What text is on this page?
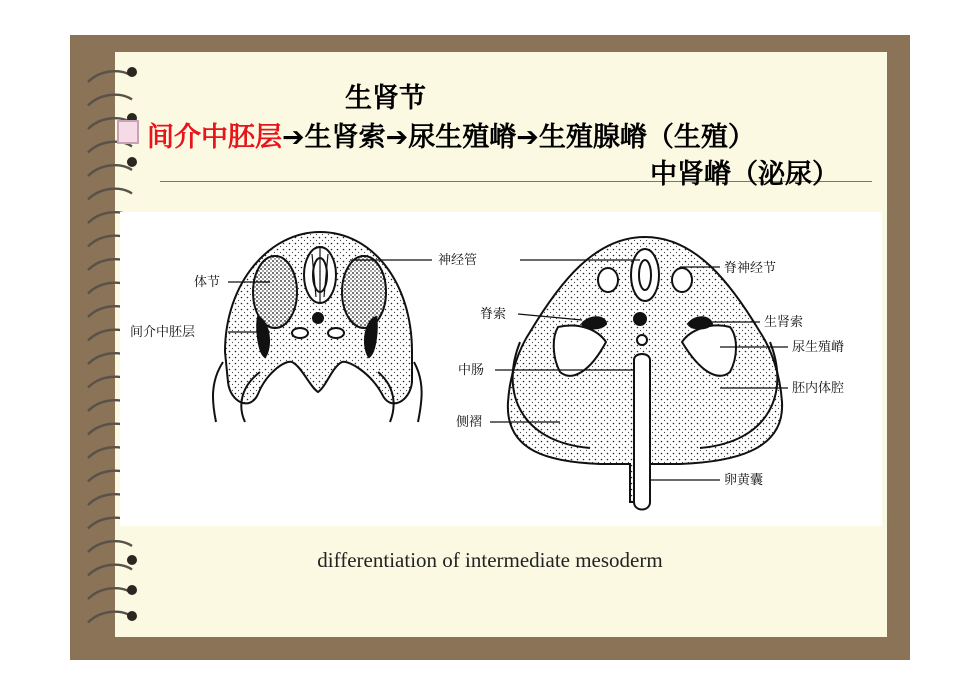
生肾节
间介中胚层➔生肾索➔尿生殖嵴➔生殖腺嵴（生殖）
中肾嵴（泌尿）
体节
间介中胚层
神经管
脊索
中肠
侧褶
脊神经节
生肾索
尿生殖嵴
胚内体腔
卵黄囊
differentiation of intermediate mesoderm
